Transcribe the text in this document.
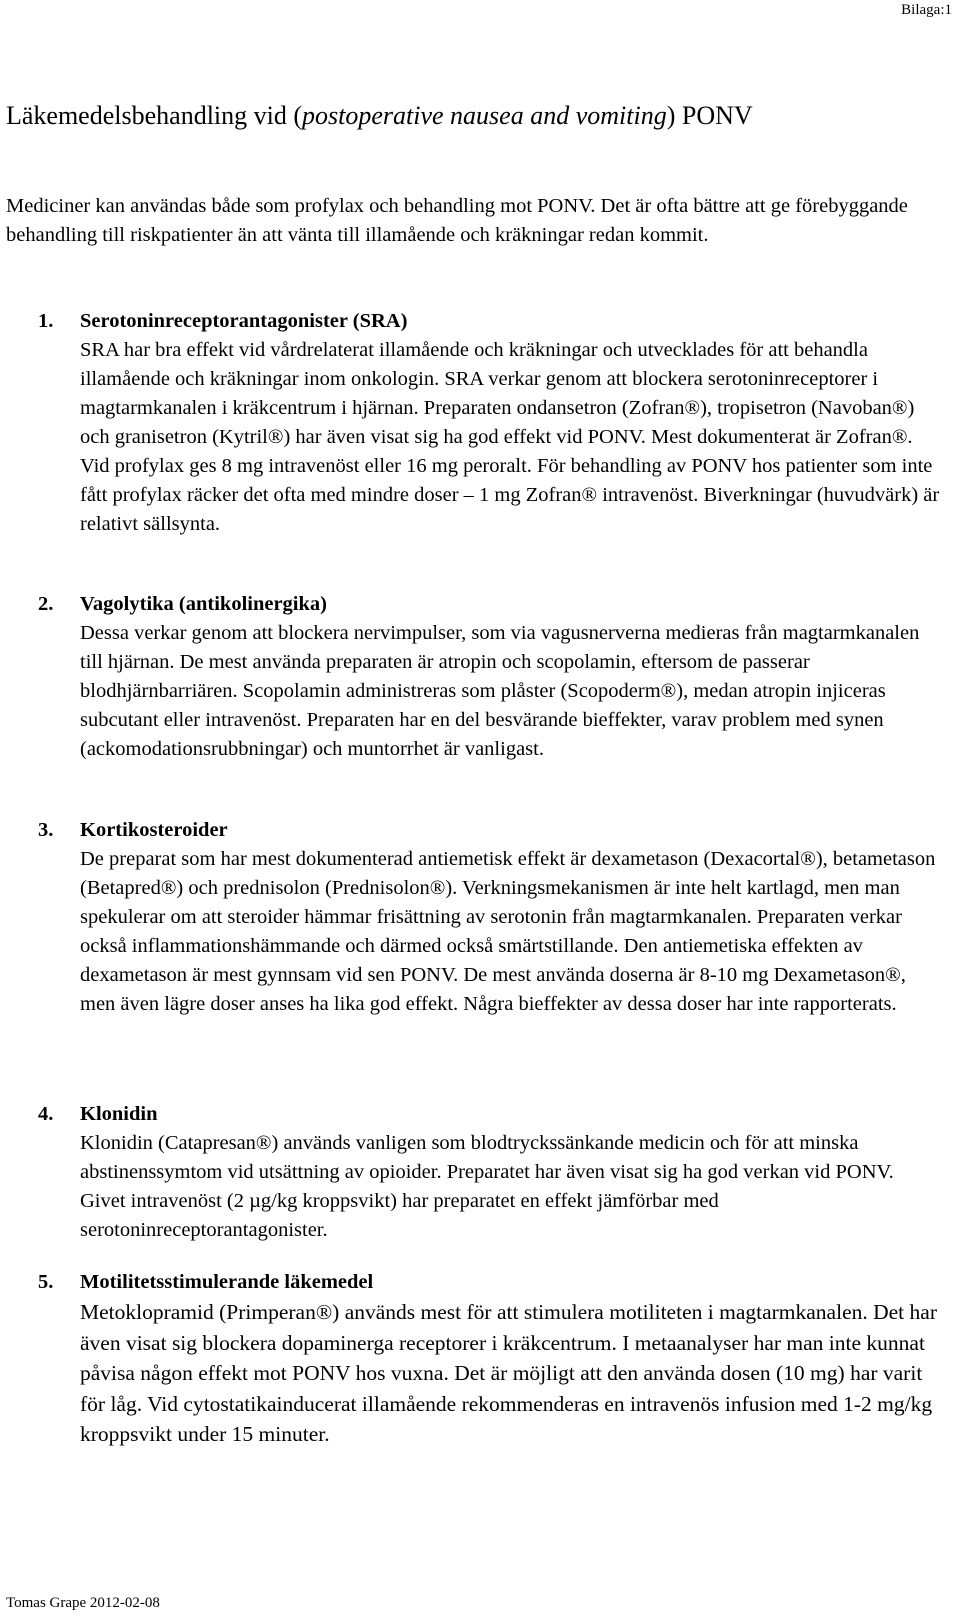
Bilaga:1
Läkemedelsbehandling vid (postoperative nausea and vomiting) PONV

Mediciner kan användas både som profylax och behandling mot PONV. Det är ofta bättre att ge förebyggande behandling till riskpatienter än att vänta till illamående och kräkningar redan kommit.

1.	Serotoninreceptorantagonister (SRA)

SRA har bra effekt vid vårdrelaterat illamående och kräkningar och utvecklades för att behandla illamående och kräkningar inom onkologin. SRA verkar genom att blockera serotoninreceptorer i magtarmkanalen i kräkcentrum i hjärnan. Preparaten ondansetron (Zofran®), tropisetron (Navoban®) och granisetron (Kytril®) har även visat sig ha god effekt vid PONV. Mest dokumenterat är Zofran®. Vid profylax ges 8 mg intravenöst eller 16 mg peroralt. För behandling av PONV hos patienter som inte fått profylax räcker det ofta med mindre doser – 1 mg Zofran® intravenöst. Biverkningar (huvudvärk) är relativt sällsynta.

2.	Vagolytika (antikolinergika)

Dessa verkar genom att blockera nervimpulser, som via vagusnerverna medieras från magtarmkanalen till hjärnan. De mest använda preparaten är atropin och scopolamin, eftersom de passerar blodhjärnbarriären. Scopolamin administreras som plåster (Scopoderm®), medan atropin injiceras subcutant eller intravenöst. Preparaten har en del besvärande bieffekter, varav problem med synen (ackomodationsrubbningar) och muntorrhet är vanligast.

3.	Kortikosteroider

De preparat som har mest dokumenterad antiemetisk effekt är dexametason (Dexacortal®), betametason (Betapred®) och prednisolon (Prednisolon®). Verkningsmekanismen är inte helt kartlagd, men man spekulerar om att steroider hämmar frisättning av serotonin från magtarmkanalen. Preparaten verkar också inflammationshämmande och därmed också smärtstillande. Den antiemetiska effekten av dexametason är mest gynnsam vid sen PONV. De mest använda doserna är 8-10 mg Dexametason®, men även lägre doser anses ha lika god effekt. Några bieffekter av dessa doser har inte rapporterats.

4.	Klonidin

Klonidin (Catapresan®) används vanligen som blodtryckssänkande medicin och för att minska abstinenssymtom vid utsättning av opioider. Preparatet har även visat sig ha god verkan vid PONV. Givet intravenöst (2 µg/kg kroppsvikt) har preparatet en effekt jämförbar med serotoninreceptorantagonister.

5.	Motilitetsstimulerande läkemedel

Metoklopramid (Primperan®) används mest för att stimulera motiliteten i magtarmkanalen. Det har även visat sig blockera dopaminerga receptorer i kräkcentrum. I metaanalyser har man inte kunnat påvisa någon effekt mot PONV hos vuxna. Det är möjligt att den använda dosen (10 mg) har varit för låg. Vid cytostatikainducerat illamående rekommenderas en intravenös infusion med 1-2 mg/kg kroppsvikt under 15 minuter.

Tomas Grape 2012-02-08
